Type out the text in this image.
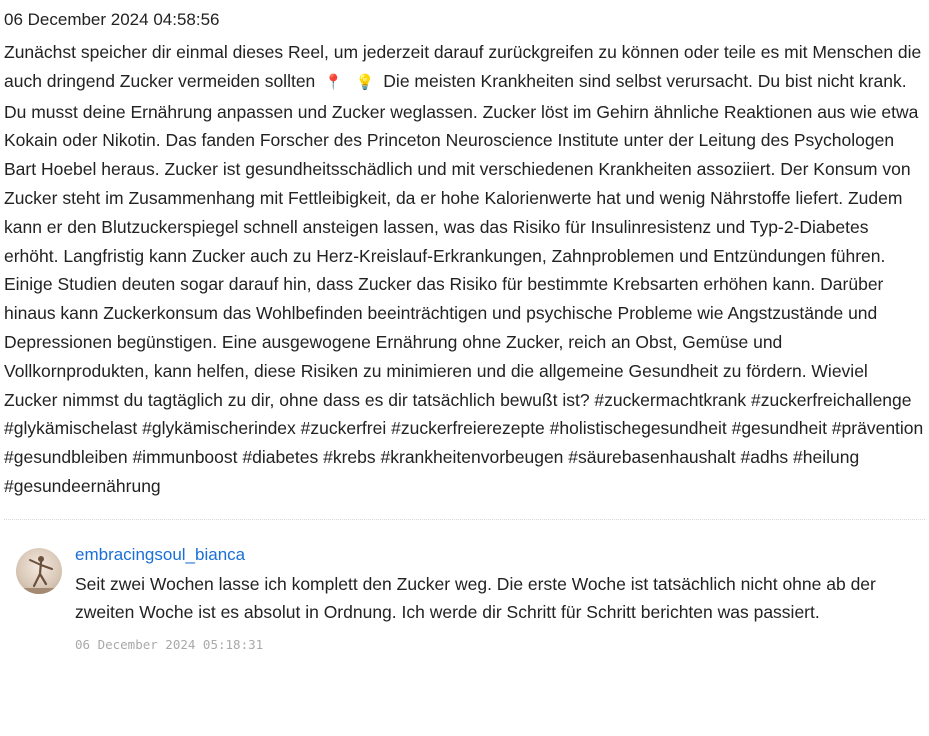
06 December 2024 04:58:56

Zunächst speicher dir einmal dieses Reel, um jederzeit darauf zurückgreifen zu können oder teile es mit Menschen die auch dringend Zucker vermeiden sollten 📍 💡 Die meisten Krankheiten sind selbst verursacht. Du bist nicht krank. Du musst deine Ernährung anpassen und Zucker weglassen. Zucker löst im Gehirn ähnliche Reaktionen aus wie etwa Kokain oder Nikotin. Das fanden Forscher des Princeton Neuroscience Institute unter der Leitung des Psychologen Bart Hoebel heraus. Zucker ist gesundheitsschädlich und mit verschiedenen Krankheiten assoziiert. Der Konsum von Zucker steht im Zusammenhang mit Fettleibigkeit, da er hohe Kalorienwerte hat und wenig Nährstoffe liefert. Zudem kann er den Blutzuckerspiegel schnell ansteigen lassen, was das Risiko für Insulinresistenz und Typ-2-Diabetes erhöht. Langfristig kann Zucker auch zu Herz-Kreislauf-Erkrankungen, Zahnproblemen und Entzündungen führen. Einige Studien deuten sogar darauf hin, dass Zucker das Risiko für bestimmte Krebsarten erhöhen kann. Darüber hinaus kann Zuckerkonsum das Wohlbefinden beeinträchtigen und psychische Probleme wie Angstzustände und Depressionen begünstigen. Eine ausgewogene Ernährung ohne Zucker, reich an Obst, Gemüse und Vollkornprodukten, kann helfen, diese Risiken zu minimieren und die allgemeine Gesundheit zu fördern. Wieviel Zucker nimmst du tagtäglich zu dir, ohne dass es dir tatsächlich bewußt ist? #zuckermachtkrank #zuckerfreichallenge #glykämischelast #glykämischerindex #zuckerfrei #zuckerfreierezepte #holistischegesundheit #gesundheit #prävention #gesundbleiben #immunboost #diabetes #krebs #krankheitenvorbeugen #säurebasenhaushalt #adhs #heilung #gesundeernährung

embracingsoul_bianca

Seit zwei Wochen lasse ich komplett den Zucker weg. Die erste Woche ist tatsächlich nicht ohne ab der zweiten Woche ist es absolut in Ordnung. Ich werde dir Schritt für Schritt berichten was passiert.

06 December 2024 05:18:31
